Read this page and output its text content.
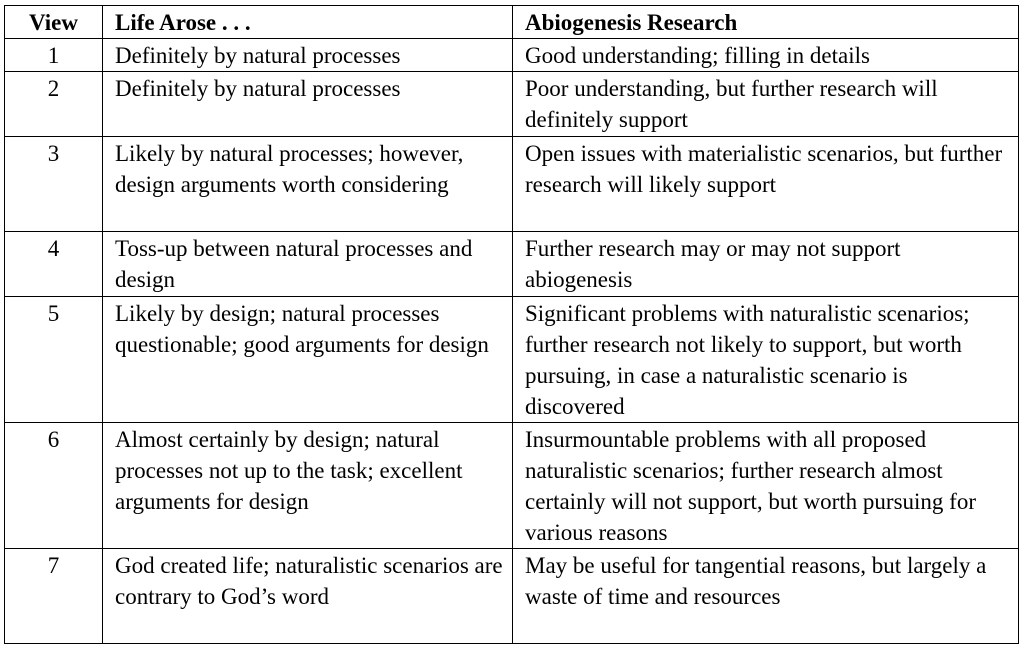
View	Life Arose . . .	Abiogenesis Research
1	Definitely by natural processes	Good understanding; filling in details
2	Definitely by natural processes	Poor understanding, but further research will definitely support
3	Likely by natural processes; however, design arguments worth considering	Open issues with materialistic scenarios, but further research will likely support
4	Toss-up between natural processes and design	Further research may or may not support abiogenesis
5	Likely by design; natural processes questionable; good arguments for design	Significant problems with naturalistic scenarios; further research not likely to support, but worth pursuing, in case a naturalistic scenario is discovered
6	Almost certainly by design; natural processes not up to the task; excellent arguments for design	Insurmountable problems with all proposed naturalistic scenarios; further research almost certainly will not support, but worth pursuing for various reasons
7	God created life; naturalistic scenarios are contrary to God’s word	May be useful for tangential reasons, but largely a waste of time and resources
